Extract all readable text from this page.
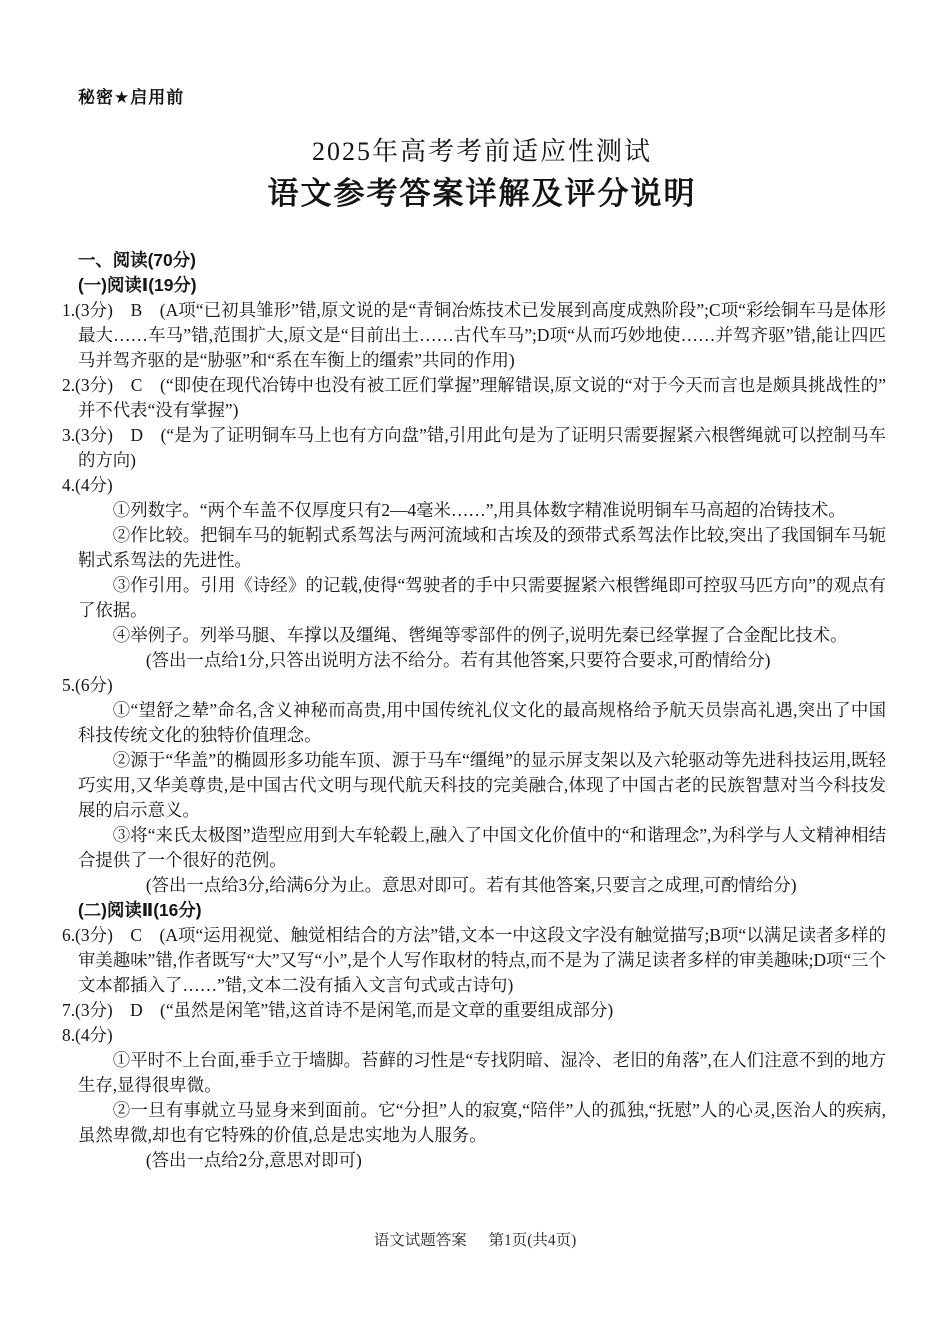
秘密★启用前
2025年高考考前适应性测试
语文参考答案详解及评分说明

一、阅读(70分)

(一)阅读Ⅰ(19分)

1.(3分)　B　(A项“已初具雏形”错,原文说的是“青铜冶炼技术已发展到高度成熟阶段”;C项“彩绘铜车马是体形最大……车马”错,范围扩大,原文是“目前出土……古代车马”;D项“从而巧妙地使……并驾齐驱”错,能让四匹马并驾齐驱的是“胁驱”和“系在车衡上的缰索”共同的作用)

2.(3分)　C　(“即使在现代冶铸中也没有被工匠们掌握”理解错误,原文说的“对于今天而言也是颇具挑战性的”并不代表“没有掌握”)

3.(3分)　D　(“是为了证明铜车马上也有方向盘”错,引用此句是为了证明只需要握紧六根辔绳就可以控制马车的方向)

4.(4分)

①列数字。“两个车盖不仅厚度只有2—4毫米……”,用具体数字精准说明铜车马高超的冶铸技术。

②作比较。把铜车马的轭靷式系驾法与两河流域和古埃及的颈带式系驾法作比较,突出了我国铜车马轭靷式系驾法的先进性。

③作引用。引用《诗经》的记载,使得“驾驶者的手中只需要握紧六根辔绳即可控驭马匹方向”的观点有了依据。

④举例子。列举马腿、车撑以及缰绳、辔绳等零部件的例子,说明先秦已经掌握了合金配比技术。

(答出一点给1分,只答出说明方法不给分。若有其他答案,只要符合要求,可酌情给分)

5.(6分)

①“望舒之辇”命名,含义神秘而高贵,用中国传统礼仪文化的最高规格给予航天员崇高礼遇,突出了中国科技传统文化的独特价值理念。

②源于“华盖”的椭圆形多功能车顶、源于马车“缰绳”的显示屏支架以及六轮驱动等先进科技运用,既轻巧实用,又华美尊贵,是中国古代文明与现代航天科技的完美融合,体现了中国古老的民族智慧对当今科技发展的启示意义。

③将“来氏太极图”造型应用到大车轮毂上,融入了中国文化价值中的“和谐理念”,为科学与人文精神相结合提供了一个很好的范例。

(答出一点给3分,给满6分为止。意思对即可。若有其他答案,只要言之成理,可酌情给分)

(二)阅读Ⅱ(16分)

6.(3分)　C　(A项“运用视觉、触觉相结合的方法”错,文本一中这段文字没有触觉描写;B项“以满足读者多样的审美趣味”错,作者既写“大”又写“小”,是个人写作取材的特点,而不是为了满足读者多样的审美趣味;D项“三个文本都插入了……”错,文本二没有插入文言句式或古诗句)

7.(3分)　D　(“虽然是闲笔”错,这首诗不是闲笔,而是文章的重要组成部分)

8.(4分)

①平时不上台面,垂手立于墙脚。苔藓的习性是“专找阴暗、湿冷、老旧的角落”,在人们注意不到的地方生存,显得很卑微。

②一旦有事就立马显身来到面前。它“分担”人的寂寞,“陪伴”人的孤独,“抚慰”人的心灵,医治人的疾病,虽然卑微,却也有它特殊的价值,总是忠实地为人服务。

(答出一点给2分,意思对即可)

语文试题答案 第1页(共4页)
